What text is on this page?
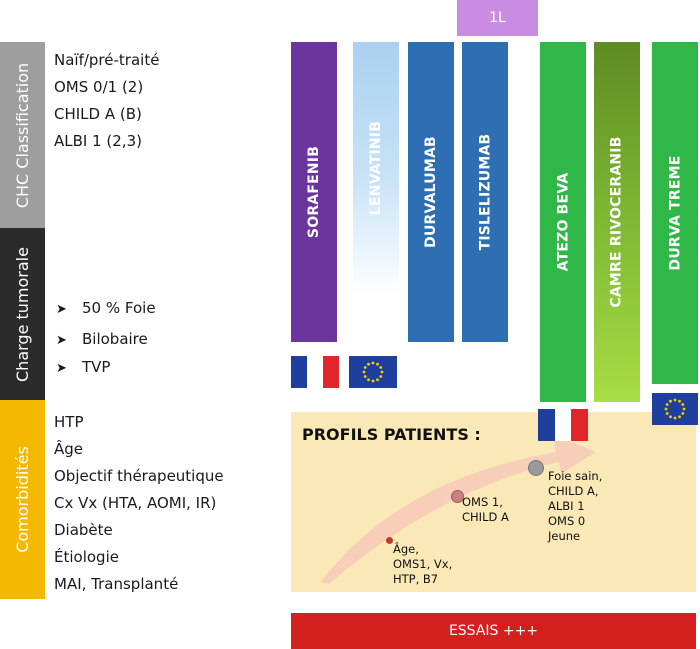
1L
CHC Classification
Charge tumorale
Comorbidités
Naïf/pré-traité
OMS 0/1 (2)
CHILD A (B)
ALBI 1 (2,3)
➤ 50 % Foie
➤ Bilobaire
➤ TVP
HTP
Âge
Objectif thérapeutique
Cx Vx (HTA, AOMI, IR)
Diabète
Étiologie
MAI, Transplanté
SORAFENIB	LENVATINIB	DURVALUMAB	TISLELIZUMAB	ATEZO BEVA	CAMRE RIVOCERANIB	DURVA TREME
PROFILS PATIENTS :
Âge,
OMS1, Vx,
HTP, B7
OMS 1,
CHILD A
Foie sain,
CHILD A,
ALBI 1
OMS 0
Jeune
ESSAIS +++
